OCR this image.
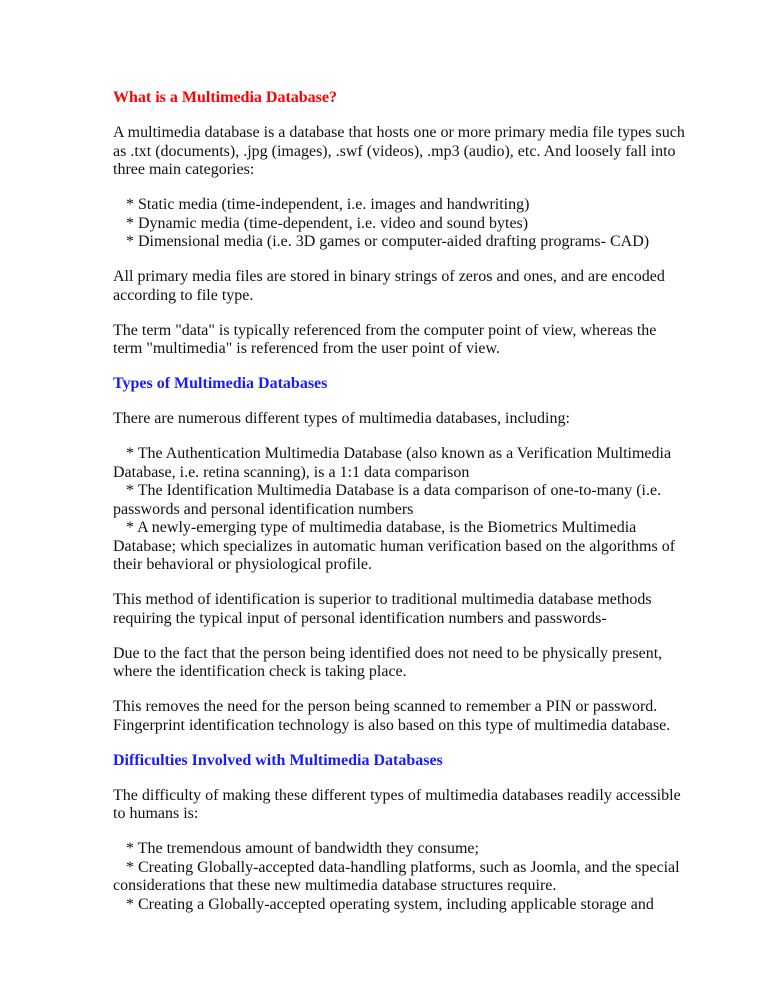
What is a Multimedia Database?
A multimedia database is a database that hosts one or more primary media file types such
as .txt (documents), .jpg (images), .swf (videos), .mp3 (audio), etc. And loosely fall into
three main categories:
* Static media (time-independent, i.e. images and handwriting)
* Dynamic media (time-dependent, i.e. video and sound bytes)
* Dimensional media (i.e. 3D games or computer-aided drafting programs- CAD)
All primary media files are stored in binary strings of zeros and ones, and are encoded
according to file type.
The term "data" is typically referenced from the computer point of view, whereas the
term "multimedia" is referenced from the user point of view.
Types of Multimedia Databases
There are numerous different types of multimedia databases, including:
* The Authentication Multimedia Database (also known as a Verification Multimedia
Database, i.e. retina scanning), is a 1:1 data comparison
* The Identification Multimedia Database is a data comparison of one-to-many (i.e.
passwords and personal identification numbers
* A newly-emerging type of multimedia database, is the Biometrics Multimedia
Database; which specializes in automatic human verification based on the algorithms of
their behavioral or physiological profile.
This method of identification is superior to traditional multimedia database methods
requiring the typical input of personal identification numbers and passwords-
Due to the fact that the person being identified does not need to be physically present,
where the identification check is taking place.
This removes the need for the person being scanned to remember a PIN or password.
Fingerprint identification technology is also based on this type of multimedia database.
Difficulties Involved with Multimedia Databases
The difficulty of making these different types of multimedia databases readily accessible
to humans is:
* The tremendous amount of bandwidth they consume;
* Creating Globally-accepted data-handling platforms, such as Joomla, and the special
considerations that these new multimedia database structures require.
* Creating a Globally-accepted operating system, including applicable storage and
